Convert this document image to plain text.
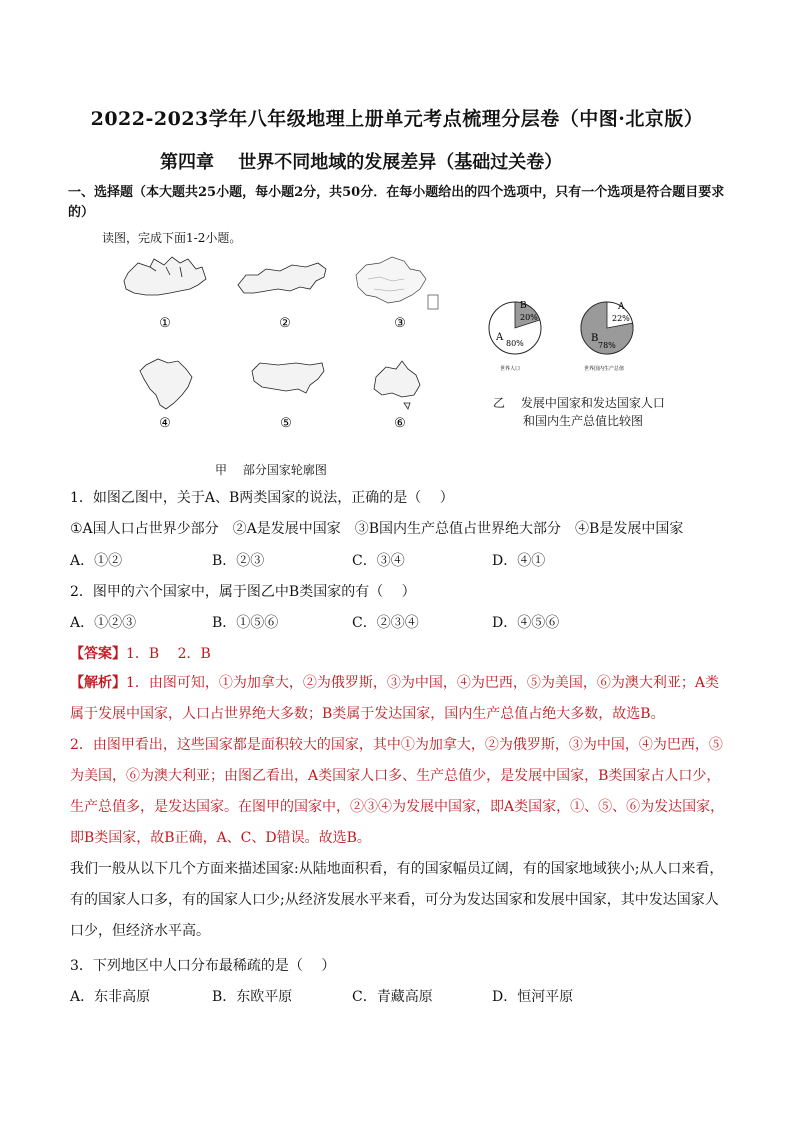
2022-2023学年八年级地理上册单元考点梳理分层卷（中图·北京版）
第四章　 世界不同地域的发展差异（基础过关卷）
一、选择题（本大题共25小题，每小题2分，共50分．在每小题给出的四个选项中，只有一个选项是符合题目要求的）
读图，完成下面1-2小题。
①	②	③
④	⑤	⑥
甲　 部分国家轮廓图
A
80%
B
20%
世界人口
A
22%
B
78%
世界国内生产总值
乙　 发展中国家和发达国家人口
和国内生产总值比较图
1．如图乙图中，关于A、B两类国家的说法，正确的是（　 ）
①A国人口占世界少部分　②A是发展中国家　③B国内生产总值占世界绝大部分　④B是发展中国家
A．①②	B．②③	C．③④	D．④①
2．图甲的六个国家中，属于图乙中B类国家的有（　 ）
A．①②③	B．①⑤⑥	C．②③④	D．④⑤⑥
【答案】1．B　 2．B
【解析】1．由图可知，①为加拿大，②为俄罗斯，③为中国，④为巴西，⑤为美国，⑥为澳大利亚；A类属于发展中国家，人口占世界绝大多数；B类属于发达国家，国内生产总值占绝大多数，故选B。
2．由图甲看出，这些国家都是面积较大的国家，其中①为加拿大，②为俄罗斯，③为中国，④为巴西，⑤为美国，⑥为澳大利亚；由图乙看出，A类国家人口多、生产总值少，是发展中国家，B类国家占人口少，生产总值多，是发达国家。在图甲的国家中，②③④为发展中国家，即A类国家，①、⑤、⑥为发达国家，即B类国家，故B正确，A、C、D错误。故选B。
我们一般从以下几个方面来描述国家:从陆地面积看，有的国家幅员辽阔，有的国家地域狭小;从人口来看，有的国家人口多，有的国家人口少;从经济发展水平来看，可分为发达国家和发展中国家，其中发达国家人口少，但经济水平高。
3．下列地区中人口分布最稀疏的是（　 ）
A．东非高原	B．东欧平原	C．青藏高原	D．恒河平原
